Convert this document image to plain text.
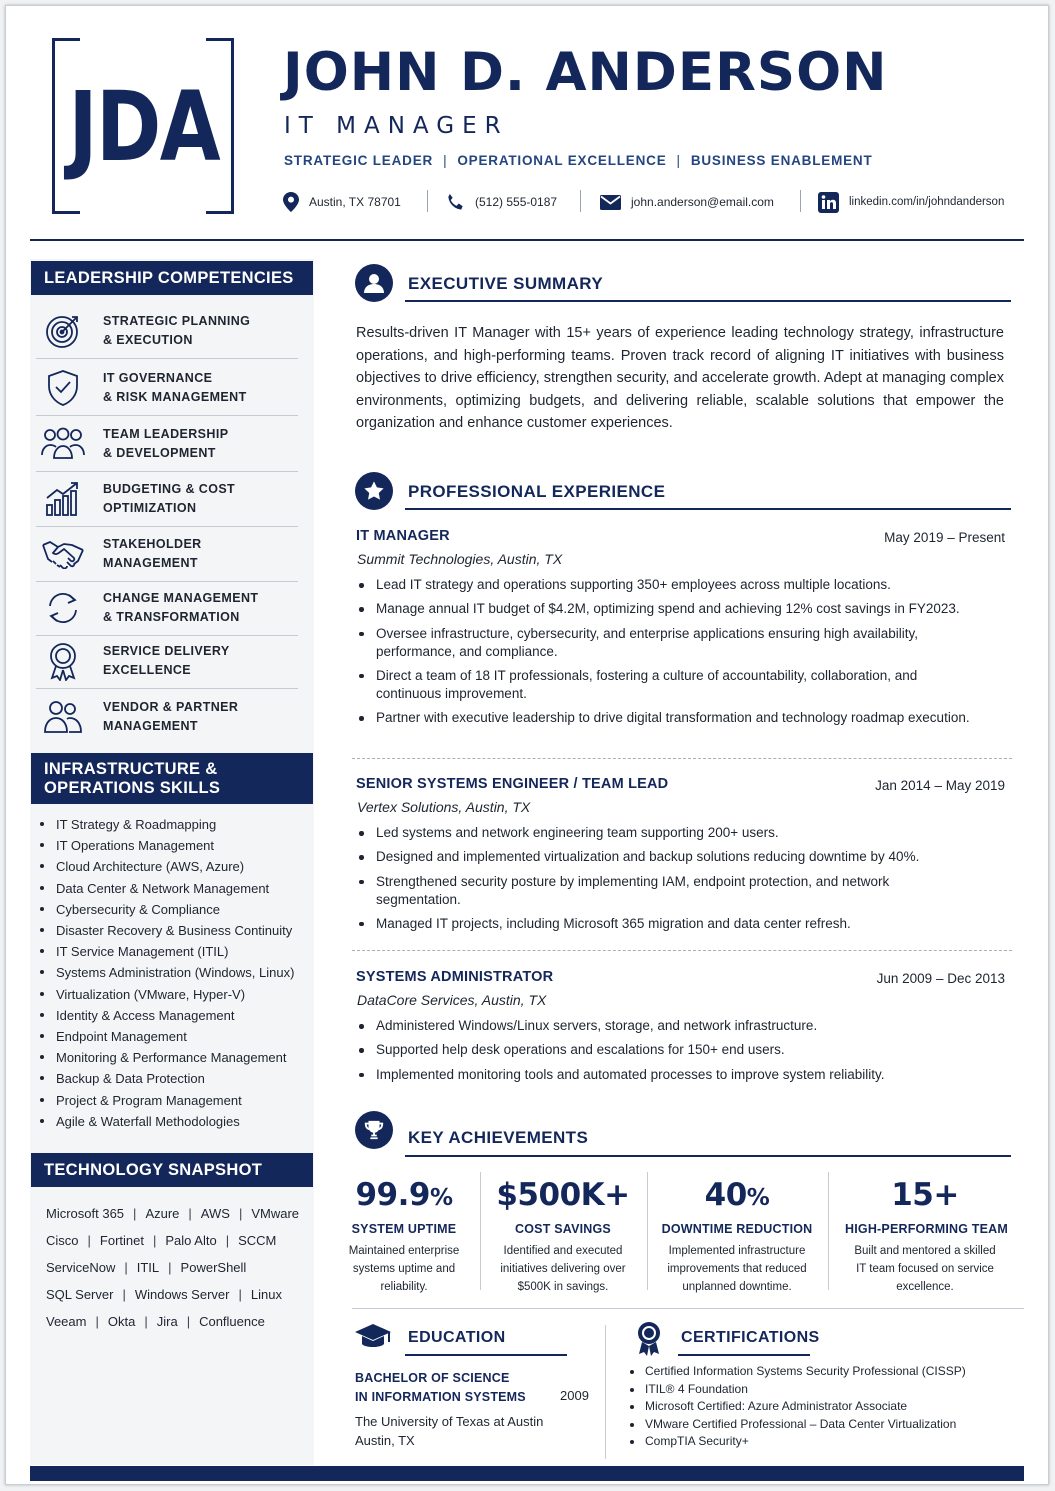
JDA JOHN D. ANDERSON
IT MANAGER
STRATEGIC LEADER | OPERATIONAL EXCELLENCE | BUSINESS ENABLEMENT
Austin, TX 78701	(512) 555-0187	john.anderson@email.com	linkedin.com/in/johndanderson
LEADERSHIP COMPETENCIES
STRATEGIC PLANNING
& EXECUTION
IT GOVERNANCE
& RISK MANAGEMENT
TEAM LEADERSHIP
& DEVELOPMENT
BUDGETING & COST
OPTIMIZATION
STAKEHOLDER
MANAGEMENT
CHANGE MANAGEMENT
& TRANSFORMATION
SERVICE DELIVERY
EXCELLENCE
VENDOR & PARTNER
MANAGEMENT
INFRASTRUCTURE &
OPERATIONS SKILLS
IT Strategy & Roadmapping
IT Operations Management
Cloud Architecture (AWS, Azure)
Data Center & Network Management
Cybersecurity & Compliance
Disaster Recovery & Business Continuity
IT Service Management (ITIL)
Systems Administration (Windows, Linux)
Virtualization (VMware, Hyper-V)
Identity & Access Management
Endpoint Management
Monitoring & Performance Management
Backup & Data Protection
Project & Program Management
Agile & Waterfall Methodologies
TECHNOLOGY SNAPSHOT
Microsoft 365 | Azure | AWS | VMware
Cisco | Fortinet | Palo Alto | SCCM
ServiceNow | ITIL | PowerShell
SQL Server | Windows Server | Linux
Veeam | Okta | Jira | Confluence
EXECUTIVE SUMMARY
Results-driven IT Manager with 15+ years of experience leading technology strategy, infrastructure operations, and high-performing teams. Proven track record of aligning IT initiatives with business objectives to drive efficiency, strengthen security, and accelerate growth. Adept at managing complex environments, optimizing budgets, and delivering reliable, scalable solutions that empower the organization and enhance customer experiences.
PROFESSIONAL EXPERIENCE
IT MANAGER	May 2019 – Present
Summit Technologies, Austin, TX
Lead IT strategy and operations supporting 350+ employees across multiple locations.
Manage annual IT budget of $4.2M, optimizing spend and achieving 12% cost savings in FY2023.
Oversee infrastructure, cybersecurity, and enterprise applications ensuring high availability, performance, and compliance.
Direct a team of 18 IT professionals, fostering a culture of accountability, collaboration, and continuous improvement.
Partner with executive leadership to drive digital transformation and technology roadmap execution.
SENIOR SYSTEMS ENGINEER / TEAM LEAD	Jan 2014 – May 2019
Vertex Solutions, Austin, TX
Led systems and network engineering team supporting 200+ users.
Designed and implemented virtualization and backup solutions reducing downtime by 40%.
Strengthened security posture by implementing IAM, endpoint protection, and network segmentation.
Managed IT projects, including Microsoft 365 migration and data center refresh.
SYSTEMS ADMINISTRATOR	Jun 2009 – Dec 2013
DataCore Services, Austin, TX
Administered Windows/Linux servers, storage, and network infrastructure.
Supported help desk operations and escalations for 150+ end users.
Implemented monitoring tools and automated processes to improve system reliability.
KEY ACHIEVEMENTS
99.9%
SYSTEM UPTIME
Maintained enterprise systems uptime and reliability.
$500K+
COST SAVINGS
Identified and executed initiatives delivering over $500K in savings.
40%
DOWNTIME REDUCTION
Implemented infrastructure improvements that reduced unplanned downtime.
15+
HIGH-PERFORMING TEAM
Built and mentored a skilled IT team focused on service excellence.
EDUCATION
BACHELOR OF SCIENCE
IN INFORMATION SYSTEMS	2009
The University of Texas at Austin
Austin, TX
CERTIFICATIONS
Certified Information Systems Security Professional (CISSP)
ITIL® 4 Foundation
Microsoft Certified: Azure Administrator Associate
VMware Certified Professional – Data Center Virtualization
CompTIA Security+
